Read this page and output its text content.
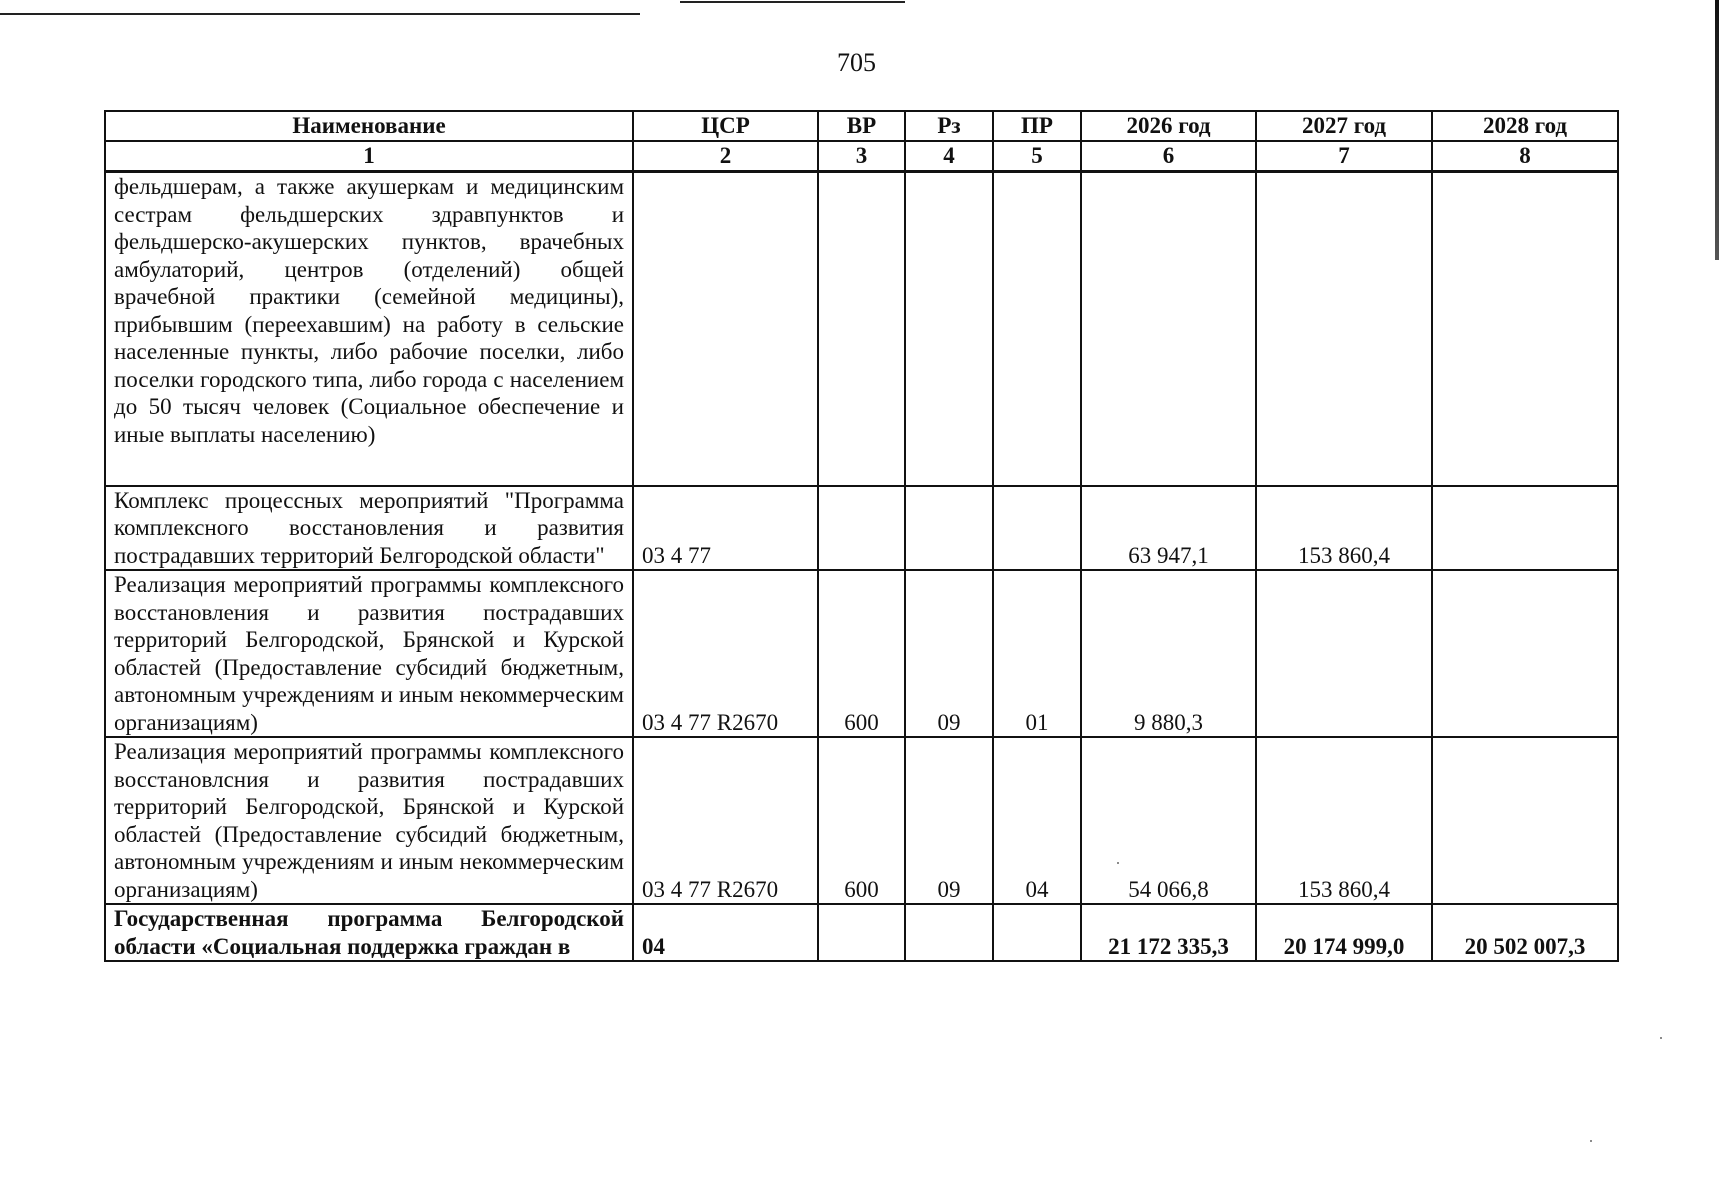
705
Наименование	ЦСР	ВР	Рз	ПР	2026 год	2027 год	2028 год
1	2	3	4	5	6	7	8
фельдшерам, а также акушеркам и медицинским сестрам фельдшерских здравпунктов и фельдшерско-акушерских пунктов, врачебных амбулаторий, центров (отделений) общей врачебной практики (семейной медицины), прибывшим (переехавшим) на работу в сельские населенные пункты, либо рабочие поселки, либо поселки городского типа, либо города с населением до 50 тысяч человек (Социальное обеспечение и иные выплаты населению)							
Комплекс процессных мероприятий "Программа комплексного восстановления и развития пострадавших территорий Белгородской области"	03 4 77				63 947,1	153 860,4	
Реализация мероприятий программы комплексного восстановления и развития пострадавших территорий Белгородской, Брянской и Курской областей (Предоставление субсидий бюджетным, автономным учреждениям и иным некоммерческим организациям)	03 4 77 R2670	600	09	01	9 880,3		
Реализация мероприятий программы комплексного восстановлсния и развития пострадавших территорий Белгородской, Брянской и Курской областей (Предоставление субсидий бюджетным, автономным учреждениям и иным некоммерческим организациям)	03 4 77 R2670	600	09	04	54 066,8	153 860,4	
Государственная программа Белгородской области «Социальная поддержка граждан в	04				21 172 335,3	20 174 999,0	20 502 007,3
